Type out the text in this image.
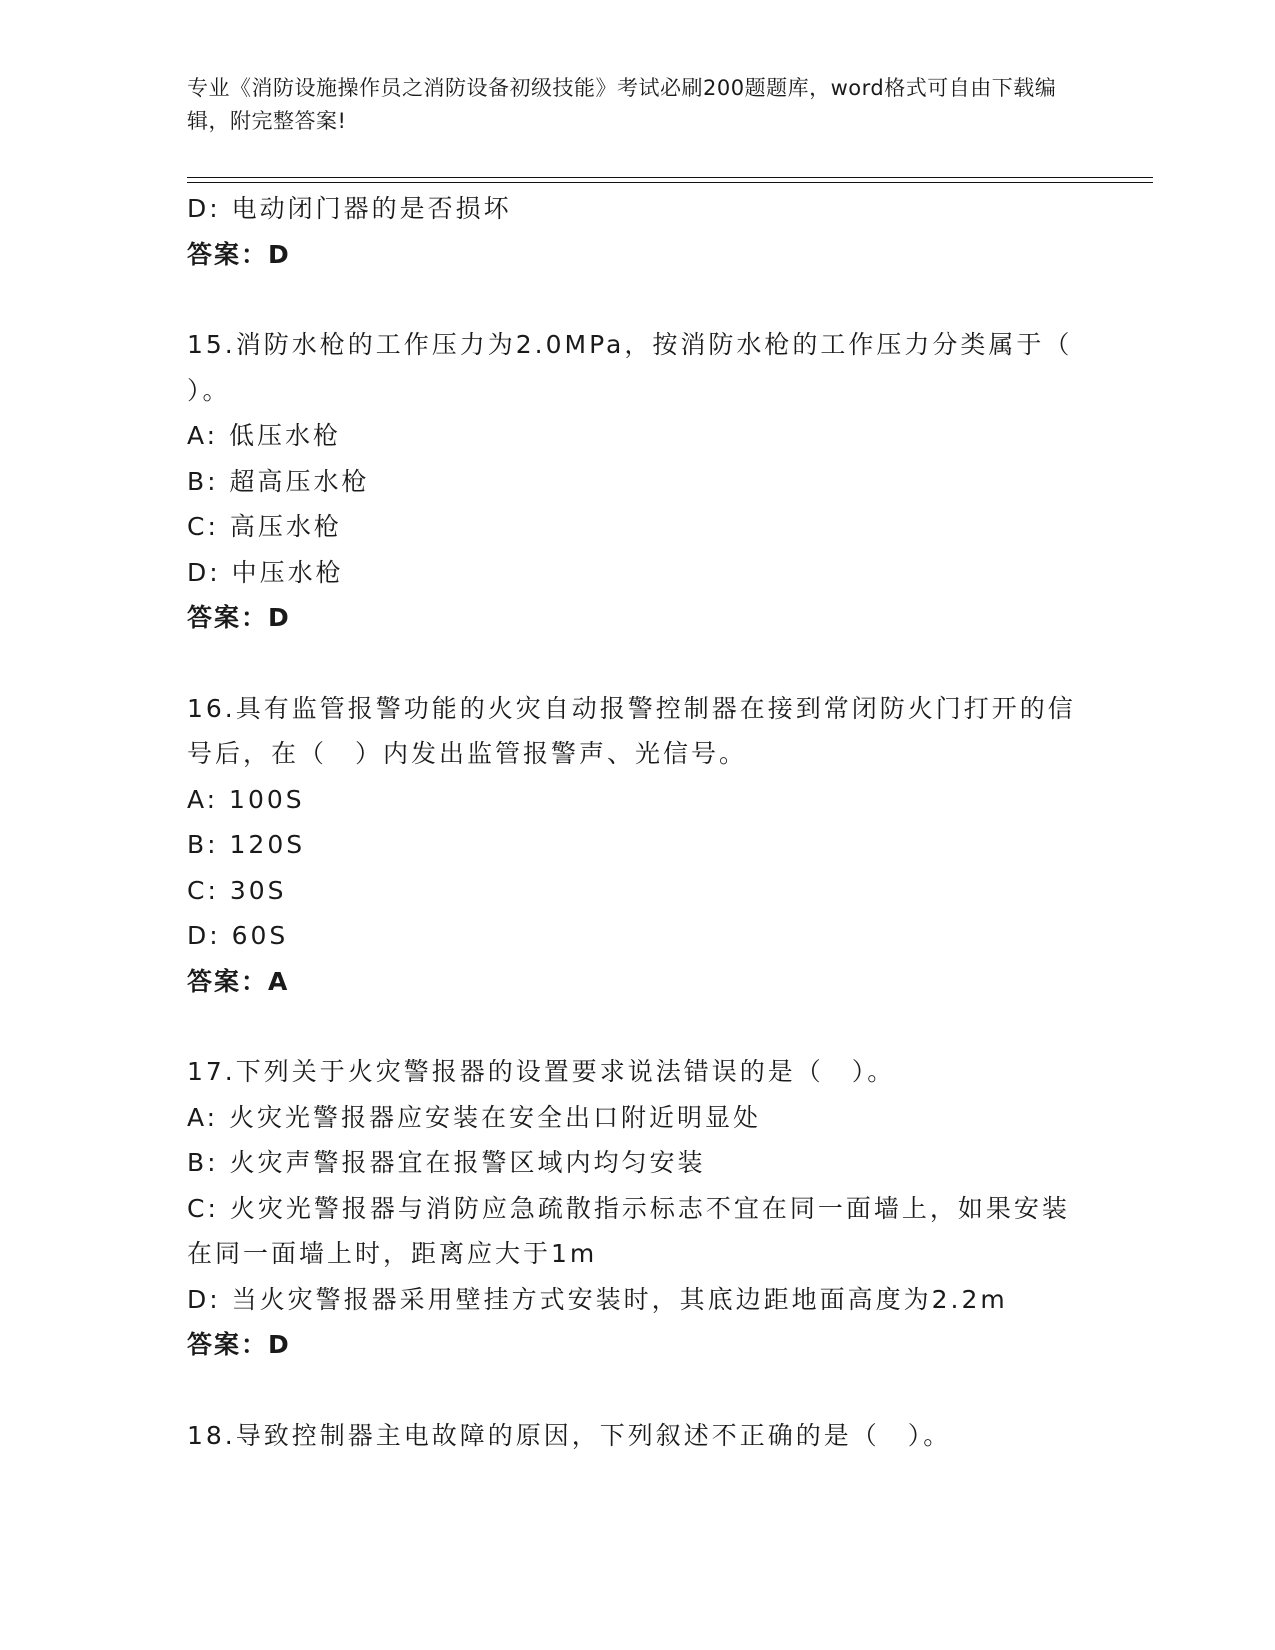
专业《消防设施操作员之消防设备初级技能》考试必刷200题题库，word格式可自由下载编辑，附完整答案!
D: 电动闭门器的是否损坏
答案：D
15.消防水枪的工作压力为2.0MPa，按消防水枪的工作压力分类属于（ ）。
A: 低压水枪
B: 超高压水枪
C: 高压水枪
D: 中压水枪
答案：D
16.具有监管报警功能的火灾自动报警控制器在接到常闭防火门打开的信号后，在（　）内发出监管报警声、光信号。
A: 100S
B: 120S
C: 30S
D: 60S
答案：A
17.下列关于火灾警报器的设置要求说法错误的是（　）。
A: 火灾光警报器应安装在安全出口附近明显处
B: 火灾声警报器宜在报警区域内均匀安装
C: 火灾光警报器与消防应急疏散指示标志不宜在同一面墙上，如果安装在同一面墙上时，距离应大于1m
D: 当火灾警报器采用壁挂方式安装时，其底边距地面高度为2.2m
答案：D
18.导致控制器主电故障的原因，下列叙述不正确的是（　）。
